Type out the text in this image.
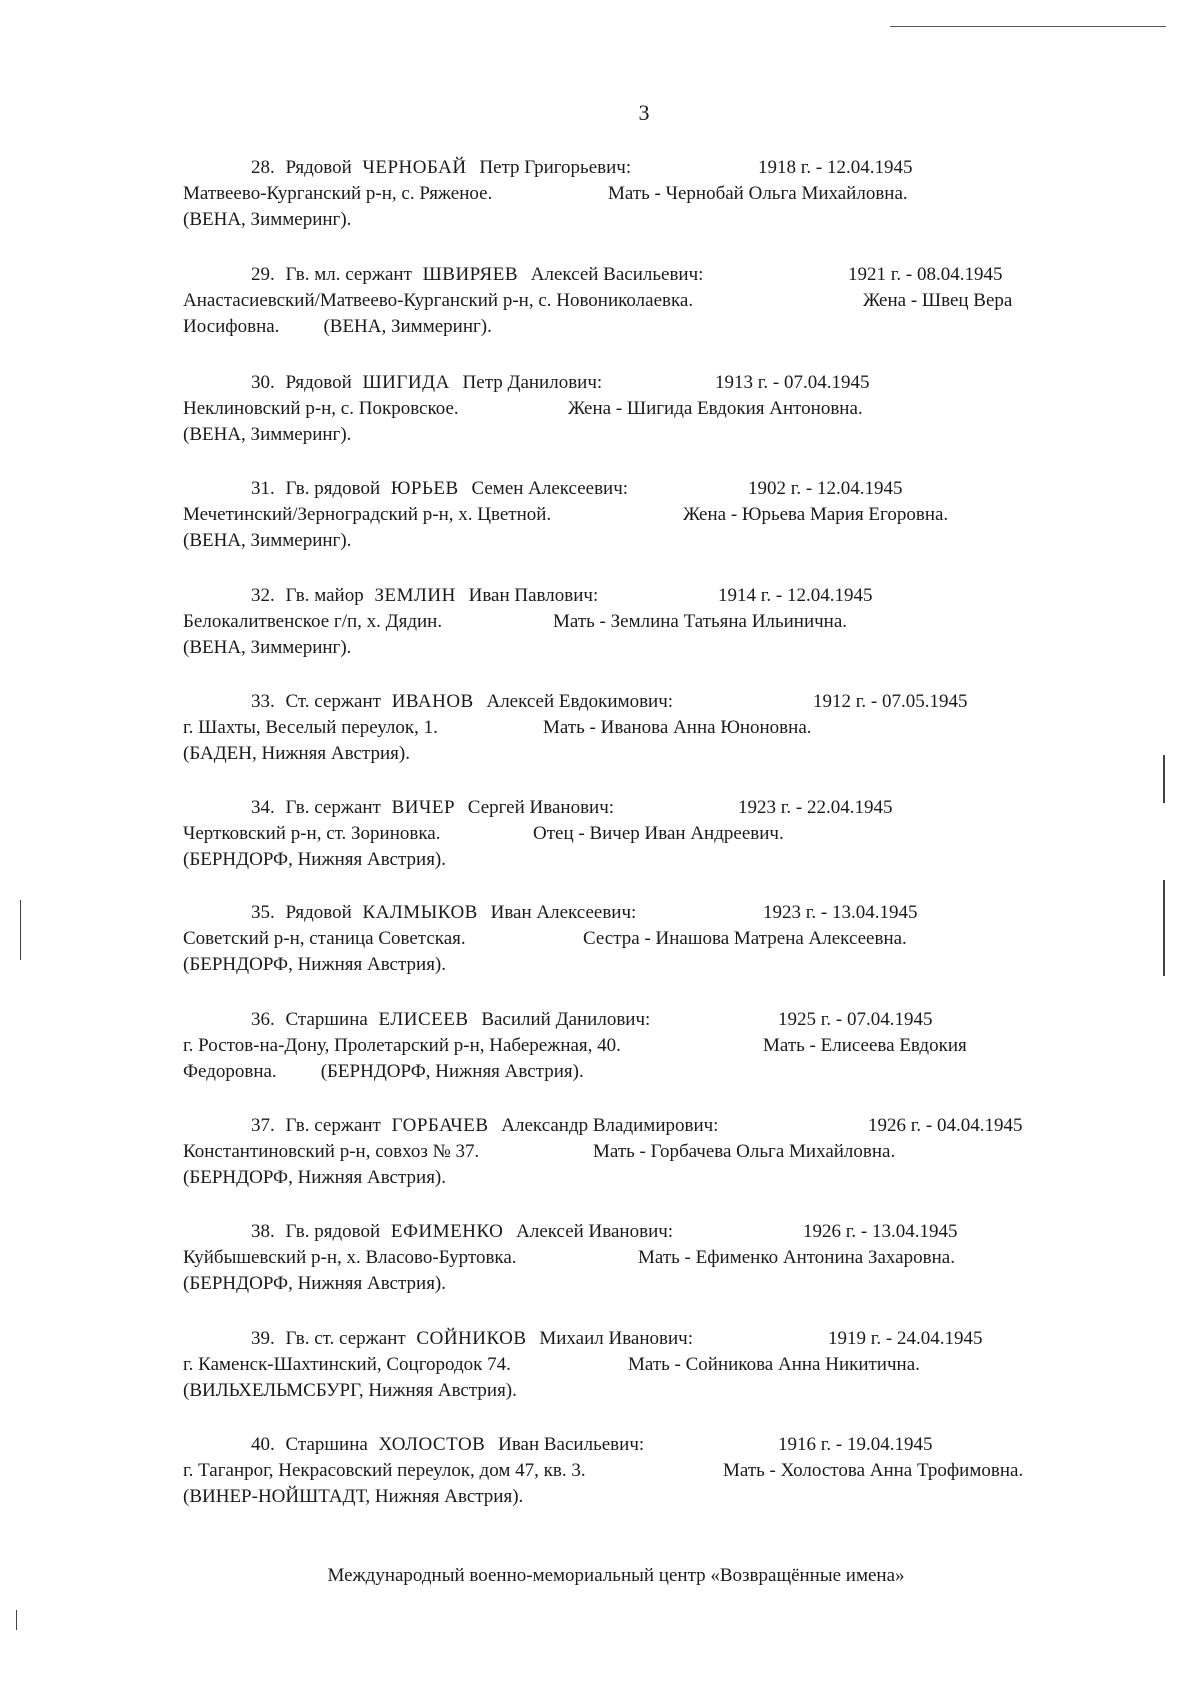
3
28. Рядовой ЧЕРНОБАЙ Петр Григорьевич:	1918 г. - 12.04.1945
Матвеево-Курганский р-н, с. Ряженое.	Мать - Чернобай Ольга Михайловна.
(ВЕНА, Зиммеринг).
29. Гв. мл. сержант ШВИРЯЕВ Алексей Васильевич:	1921 г. - 08.04.1945
Анастасиевский/Матвеево-Курганский р-н, с. Новониколаевка.	Жена - Швец Вера
Иосифовна. (ВЕНА, Зиммеринг).
30. Рядовой ШИГИДА Петр Данилович:	1913 г. - 07.04.1945
Неклиновский р-н, с. Покровское.	Жена - Шигида Евдокия Антоновна.
(ВЕНА, Зиммеринг).
31. Гв. рядовой ЮРЬЕВ Семен Алексеевич:	1902 г. - 12.04.1945
Мечетинский/Зерноградский р-н, х. Цветной.	Жена - Юрьева Мария Егоровна.
(ВЕНА, Зиммеринг).
32. Гв. майор ЗЕМЛИН Иван Павлович:	1914 г. - 12.04.1945
Белокалитвенское г/п, х. Дядин.	Мать - Землина Татьяна Ильинична.
(ВЕНА, Зиммеринг).
33. Ст. сержант ИВАНОВ Алексей Евдокимович:	1912 г. - 07.05.1945
г. Шахты, Веселый переулок, 1.	Мать - Иванова Анна Юноновна.
(БАДЕН, Нижняя Австрия).
34. Гв. сержант ВИЧЕР Сергей Иванович:	1923 г. - 22.04.1945
Чертковский р-н, ст. Зориновка.	Отец - Вичер Иван Андреевич.
(БЕРНДОРФ, Нижняя Австрия).
35. Рядовой КАЛМЫКОВ Иван Алексеевич:	1923 г. - 13.04.1945
Советский р-н, станица Советская.	Сестра - Инашова Матрена Алексеевна.
(БЕРНДОРФ, Нижняя Австрия).
36. Старшина ЕЛИСЕЕВ Василий Данилович:	1925 г. - 07.04.1945
г. Ростов-на-Дону, Пролетарский р-н, Набережная, 40.	Мать - Елисеева Евдокия
Федоровна. (БЕРНДОРФ, Нижняя Австрия).
37. Гв. сержант ГОРБАЧЕВ Александр Владимирович:	1926 г. - 04.04.1945
Константиновский р-н, совхоз № 37.	Мать - Горбачева Ольга Михайловна.
(БЕРНДОРФ, Нижняя Австрия).
38. Гв. рядовой ЕФИМЕНКО Алексей Иванович:	1926 г. - 13.04.1945
Куйбышевский р-н, х. Власово-Буртовка.	Мать - Ефименко Антонина Захаровна.
(БЕРНДОРФ, Нижняя Австрия).
39. Гв. ст. сержант СОЙНИКОВ Михаил Иванович:	1919 г. - 24.04.1945
г. Каменск-Шахтинский, Соцгородок 74.	Мать - Сойникова Анна Никитична.
(ВИЛЬХЕЛЬМСБУРГ, Нижняя Австрия).
40. Старшина ХОЛОСТОВ Иван Васильевич:	1916 г. - 19.04.1945
г. Таганрог, Некрасовский переулок, дом 47, кв. 3.	Мать - Холостова Анна Трофимовна.
(ВИНЕР-НОЙШТАДТ, Нижняя Австрия).
Международный военно-мемориальный центр «Возвращённые имена»
